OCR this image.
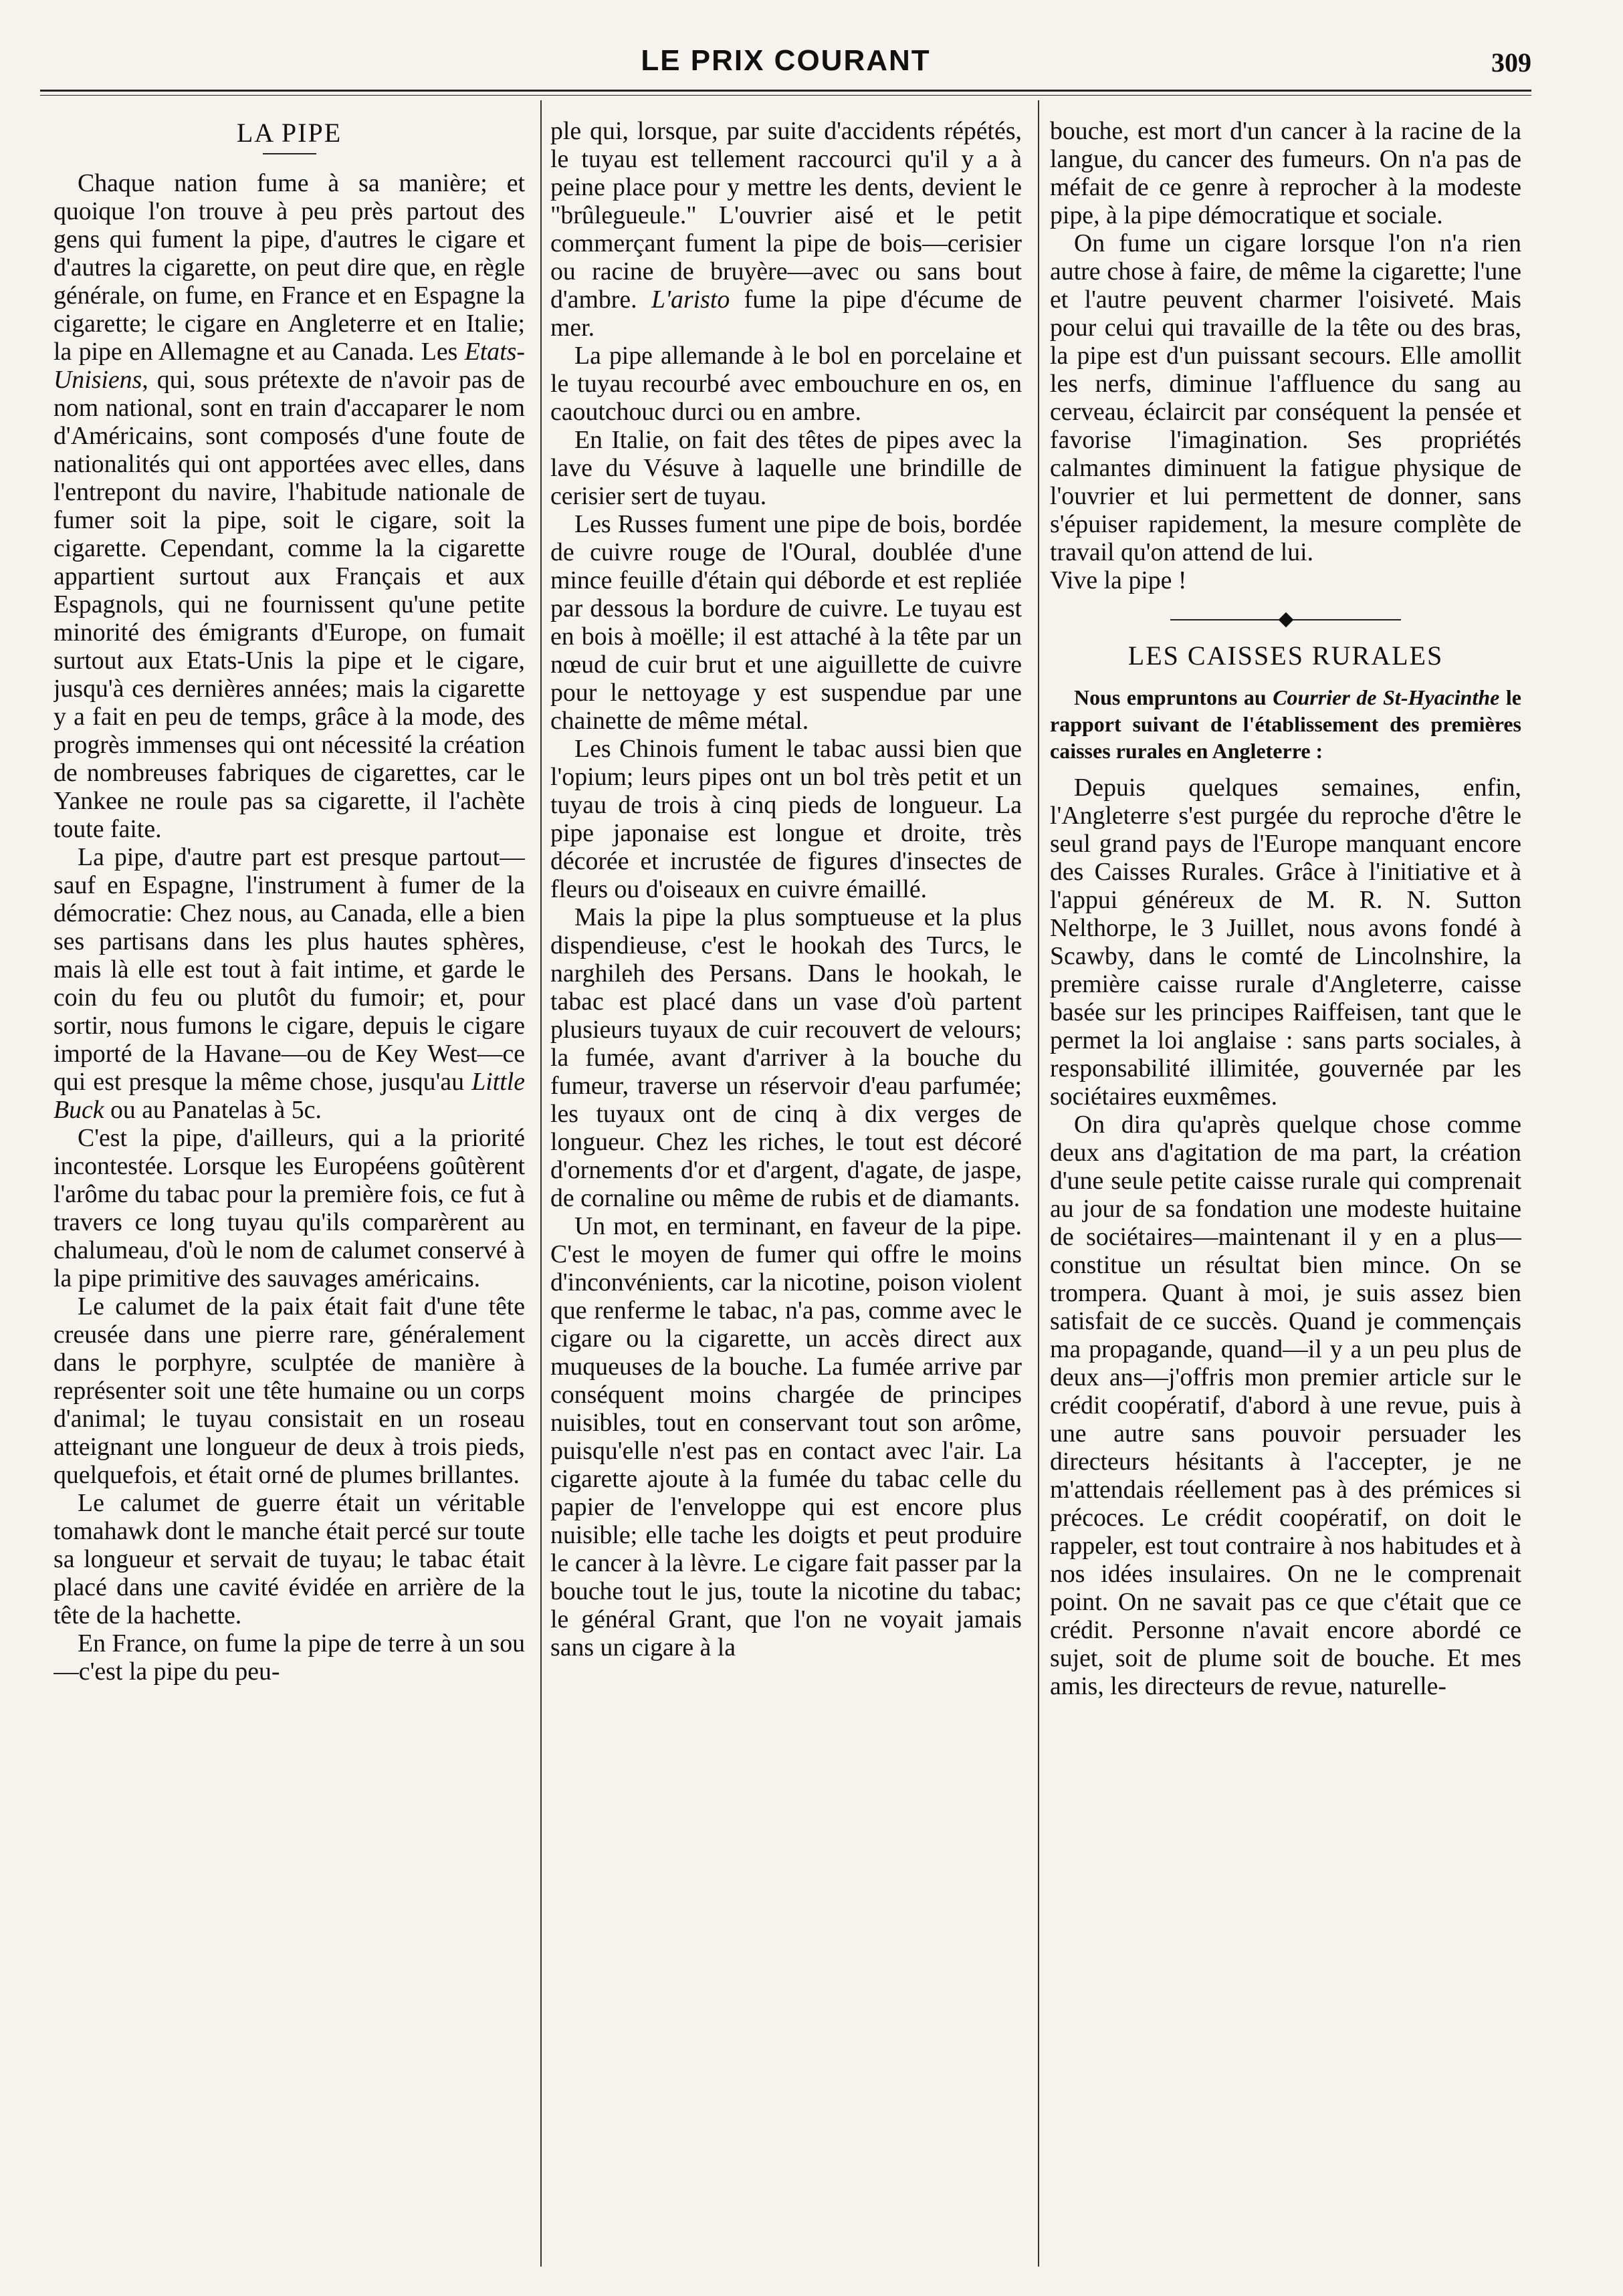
LE PRIX COURANT	309
LA PIPE

Chaque nation fume à sa manière; et quoique l'on trouve à peu près partout des gens qui fument la pipe, d'autres le cigare et d'autres la cigarette, on peut dire que, en règle générale, on fume, en France et en Espagne la cigarette; le cigare en Angleterre et en Italie; la pipe en Allemagne et au Canada. Les Etats-Unisiens, qui, sous prétexte de n'avoir pas de nom national, sont en train d'accaparer le nom d'Américains, sont composés d'une foute de nationalités qui ont apportées avec elles, dans l'entrepont du navire, l'habitude nationale de fumer soit la pipe, soit le cigare, soit la cigarette. Cependant, comme la la cigarette appartient surtout aux Français et aux Espagnols, qui ne fournissent qu'une petite minorité des émigrants d'Europe, on fumait surtout aux Etats-Unis la pipe et le cigare, jusqu'à ces dernières années; mais la cigarette y a fait en peu de temps, grâce à la mode, des progrès immenses qui ont nécessité la création de nombreuses fabriques de cigarettes, car le Yankee ne roule pas sa cigarette, il l'achète toute faite.

La pipe, d'autre part est presque partout—sauf en Espagne, l'instrument à fumer de la démocratie: Chez nous, au Canada, elle a bien ses partisans dans les plus hautes sphères, mais là elle est tout à fait intime, et garde le coin du feu ou plutôt du fumoir; et, pour sortir, nous fumons le cigare, depuis le cigare importé de la Havane—ou de Key West—ce qui est presque la même chose, jusqu'au Little Buck ou au Panatelas à 5c.

C'est la pipe, d'ailleurs, qui a la priorité incontestée. Lorsque les Européens goûtèrent l'arôme du tabac pour la première fois, ce fut à travers ce long tuyau qu'ils comparèrent au chalumeau, d'où le nom de calumet conservé à la pipe primitive des sauvages américains.

Le calumet de la paix était fait d'une tête creusée dans une pierre rare, généralement dans le porphyre, sculptée de manière à représenter soit une tête humaine ou un corps d'animal; le tuyau consistait en un roseau atteignant une longueur de deux à trois pieds, quelquefois, et était orné de plumes brillantes.

Le calumet de guerre était un véritable tomahawk dont le manche était percé sur toute sa longueur et servait de tuyau; le tabac était placé dans une cavité évidée en arrière de la tête de la hachette.

En France, on fume la pipe de terre à un sou—c'est la pipe du peu-

ple qui, lorsque, par suite d'accidents répétés, le tuyau est tellement raccourci qu'il y a à peine place pour y mettre les dents, devient le "brûlegueule." L'ouvrier aisé et le petit commerçant fument la pipe de bois—cerisier ou racine de bruyère—avec ou sans bout d'ambre. L'aristo fume la pipe d'écume de mer.

La pipe allemande à le bol en porcelaine et le tuyau recourbé avec embouchure en os, en caoutchouc durci ou en ambre.

En Italie, on fait des têtes de pipes avec la lave du Vésuve à laquelle une brindille de cerisier sert de tuyau.

Les Russes fument une pipe de bois, bordée de cuivre rouge de l'Oural, doublée d'une mince feuille d'étain qui déborde et est repliée par dessous la bordure de cuivre. Le tuyau est en bois à moëlle; il est attaché à la tête par un nœud de cuir brut et une aiguillette de cuivre pour le nettoyage y est suspendue par une chainette de même métal.

Les Chinois fument le tabac aussi bien que l'opium; leurs pipes ont un bol très petit et un tuyau de trois à cinq pieds de longueur. La pipe japonaise est longue et droite, très décorée et incrustée de figures d'insectes de fleurs ou d'oiseaux en cuivre émaillé.

Mais la pipe la plus somptueuse et la plus dispendieuse, c'est le hookah des Turcs, le narghileh des Persans. Dans le hookah, le tabac est placé dans un vase d'où partent plusieurs tuyaux de cuir recouvert de velours; la fumée, avant d'arriver à la bouche du fumeur, traverse un réservoir d'eau parfumée; les tuyaux ont de cinq à dix verges de longueur. Chez les riches, le tout est décoré d'ornements d'or et d'argent, d'agate, de jaspe, de cornaline ou même de rubis et de diamants.

Un mot, en terminant, en faveur de la pipe. C'est le moyen de fumer qui offre le moins d'inconvénients, car la nicotine, poison violent que renferme le tabac, n'a pas, comme avec le cigare ou la cigarette, un accès direct aux muqueuses de la bouche. La fumée arrive par conséquent moins chargée de principes nuisibles, tout en conservant tout son arôme, puisqu'elle n'est pas en contact avec l'air. La cigarette ajoute à la fumée du tabac celle du papier de l'enveloppe qui est encore plus nuisible; elle tache les doigts et peut produire le cancer à la lèvre. Le cigare fait passer par la bouche tout le jus, toute la nicotine du tabac; le général Grant, que l'on ne voyait jamais sans un cigare à la

bouche, est mort d'un cancer à la racine de la langue, du cancer des fumeurs. On n'a pas de méfait de ce genre à reprocher à la modeste pipe, à la pipe démocratique et sociale.

On fume un cigare lorsque l'on n'a rien autre chose à faire, de même la cigarette; l'une et l'autre peuvent charmer l'oisiveté. Mais pour celui qui travaille de la tête ou des bras, la pipe est d'un puissant secours. Elle amollit les nerfs, diminue l'affluence du sang au cerveau, éclaircit par conséquent la pensée et favorise l'imagination. Ses propriétés calmantes diminuent la fatigue physique de l'ouvrier et lui permettent de donner, sans s'épuiser rapidement, la mesure complète de travail qu'on attend de lui.

Vive la pipe !

LES CAISSES RURALES

Nous empruntons au Courrier de St-Hyacinthe le rapport suivant de l'établissement des premières caisses rurales en Angleterre :

Depuis quelques semaines, enfin, l'Angleterre s'est purgée du reproche d'être le seul grand pays de l'Europe manquant encore des Caisses Rurales. Grâce à l'initiative et à l'appui généreux de M. R. N. Sutton Nelthorpe, le 3 Juillet, nous avons fondé à Scawby, dans le comté de Lincolnshire, la première caisse rurale d'Angleterre, caisse basée sur les principes Raiffeisen, tant que le permet la loi anglaise : sans parts sociales, à responsabilité illimitée, gouvernée par les sociétaires euxmêmes.

On dira qu'après quelque chose comme deux ans d'agitation de ma part, la création d'une seule petite caisse rurale qui comprenait au jour de sa fondation une modeste huitaine de sociétaires—maintenant il y en a plus—constitue un résultat bien mince. On se trompera. Quant à moi, je suis assez bien satisfait de ce succès. Quand je commençais ma propagande, quand—il y a un peu plus de deux ans—j'offris mon premier article sur le crédit coopératif, d'abord à une revue, puis à une autre sans pouvoir persuader les directeurs hésitants à l'accepter, je ne m'attendais réellement pas à des prémices si précoces. Le crédit coopératif, on doit le rappeler, est tout contraire à nos habitudes et à nos idées insulaires. On ne le comprenait point. On ne savait pas ce que c'était que ce crédit. Personne n'avait encore abordé ce sujet, soit de plume soit de bouche. Et mes amis, les directeurs de revue, naturelle-
